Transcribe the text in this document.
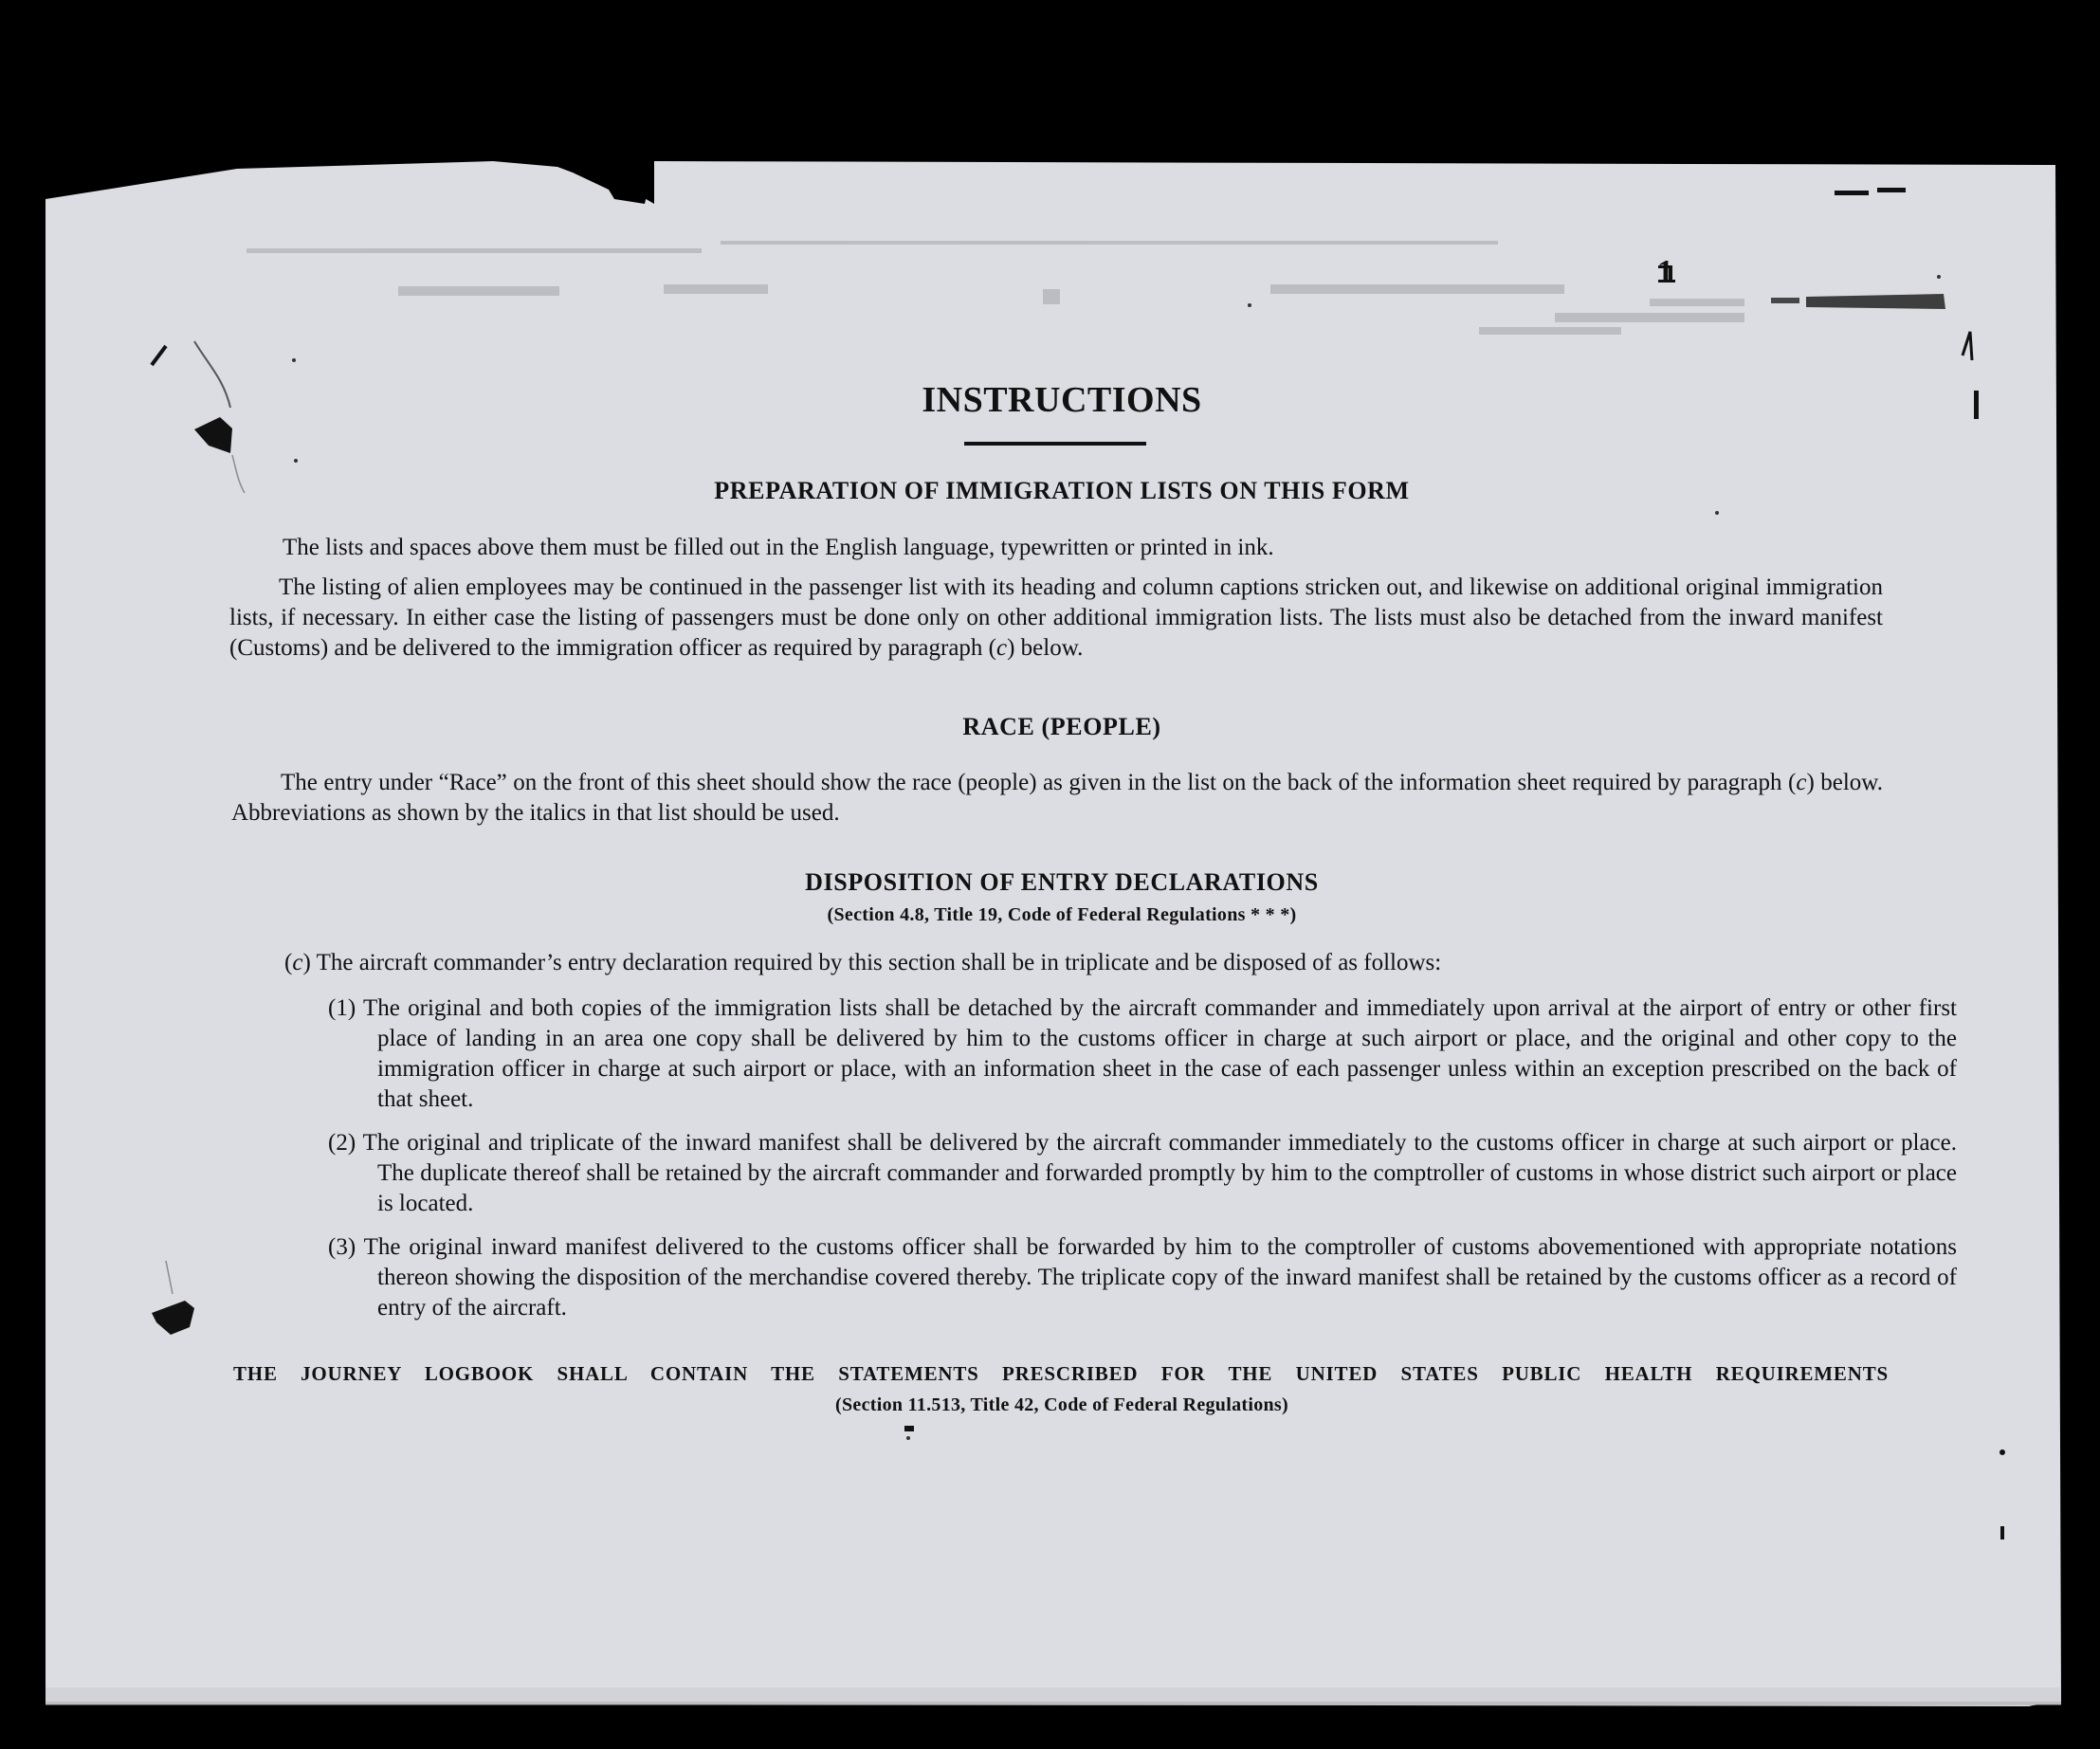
INSTRUCTIONS
PREPARATION OF IMMIGRATION LISTS ON THIS FORM
The lists and spaces above them must be filled out in the English language, typewritten or printed in ink.
The listing of alien employees may be continued in the passenger list with its heading and column captions stricken out, and likewise on additional original immigration lists, if necessary. In either case the listing of passengers must be done only on other additional immigration lists. The lists must also be detached from the inward manifest (Customs) and be delivered to the immigration officer as required by paragraph (c) below.
RACE (PEOPLE)
The entry under “Race” on the front of this sheet should show the race (people) as given in the list on the back of the information sheet required by paragraph (c) below. Abbreviations as shown by the italics in that list should be used.
DISPOSITION OF ENTRY DECLARATIONS
(Section 4.8, Title 19, Code of Federal Regulations * * *)
(c) The aircraft commander’s entry declaration required by this section shall be in triplicate and be disposed of as follows:
(1) The original and both copies of the immigration lists shall be detached by the aircraft commander and immediately upon arrival at the airport of entry or other first place of landing in an area one copy shall be delivered by him to the customs officer in charge at such airport or place, and the original and other copy to the immigration officer in charge at such airport or place, with an information sheet in the case of each passenger unless within an exception prescribed on the back of that sheet.
(2) The original and triplicate of the inward manifest shall be delivered by the aircraft commander immediately to the customs officer in charge at such airport or place. The duplicate thereof shall be retained by the aircraft commander and forwarded promptly by him to the comptroller of customs in whose district such airport or place is located.
(3) The original inward manifest delivered to the customs officer shall be forwarded by him to the comptroller of customs abovementioned with appropriate notations thereon showing the disposition of the merchandise covered thereby. The triplicate copy of the inward manifest shall be retained by the customs officer as a record of entry of the aircraft.
THE JOURNEY LOGBOOK SHALL CONTAIN THE STATEMENTS PRESCRIBED FOR THE UNITED STATES PUBLIC HEALTH REQUIREMENTS
(Section 11.513, Title 42, Code of Federal Regulations)
1
